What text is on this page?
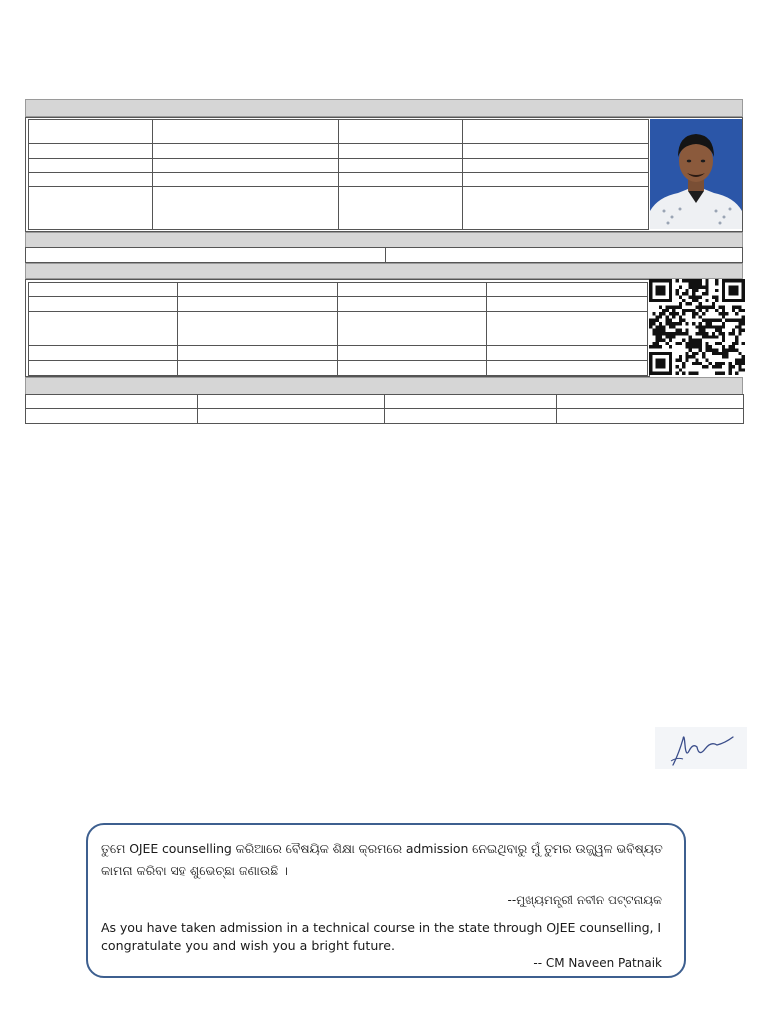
ତୁମେ OJEE counselling କରିଆରେ ବୈଷୟିକ ଶିକ୍ଷା କ୍ରମରେ admission ନେଇଥିବାରୁ ମୁଁ ତୁମର ଉଜ୍ଜ୍ୱଳ ଭବିଷ୍ୟତ
କାମନା କରିବା ସହ ଶୁଭେଚ୍ଛା ଜଣାଉଛି ।
--ମୁଖ୍ୟମନ୍ତ୍ରୀ ନବୀନ ପଟ୍ଟନାୟକ
As you have taken admission in a technical course in the state through OJEE counselling, I
congratulate you and wish you a bright future.
-- CM Naveen Patnaik
